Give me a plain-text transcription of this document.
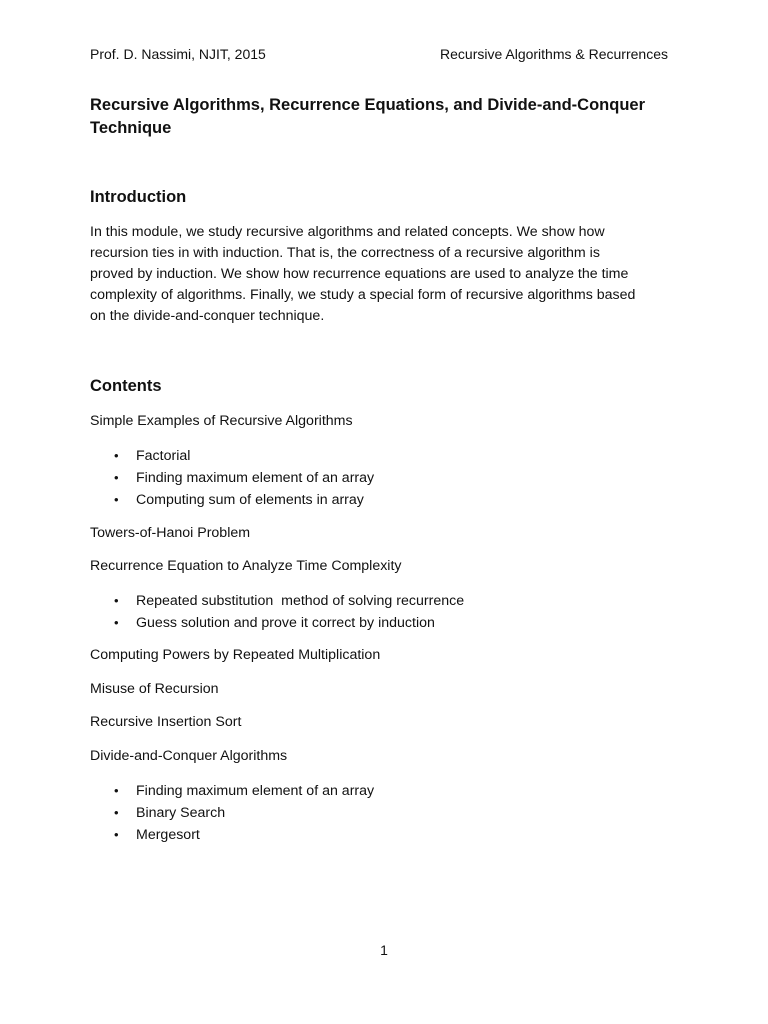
Prof. D. Nassimi, NJIT, 2015	Recursive Algorithms & Recurrences
Recursive Algorithms, Recurrence Equations, and Divide-and-Conquer Technique
Introduction

In this module, we study recursive algorithms and related concepts. We show how
recursion ties in with induction. That is, the correctness of a recursive algorithm is
proved by induction. We show how recurrence equations are used to analyze the time
complexity of algorithms. Finally, we study a special form of recursive algorithms based
on the divide-and-conquer technique.

Contents

Simple Examples of Recursive Algorithms

• Factorial
• Finding maximum element of an array
• Computing sum of elements in array

Towers-of-Hanoi Problem

Recurrence Equation to Analyze Time Complexity

• Repeated substitution  method of solving recurrence
• Guess solution and prove it correct by induction

Computing Powers by Repeated Multiplication

Misuse of Recursion

Recursive Insertion Sort

Divide-and-Conquer Algorithms

• Finding maximum element of an array
• Binary Search
• Mergesort
1
